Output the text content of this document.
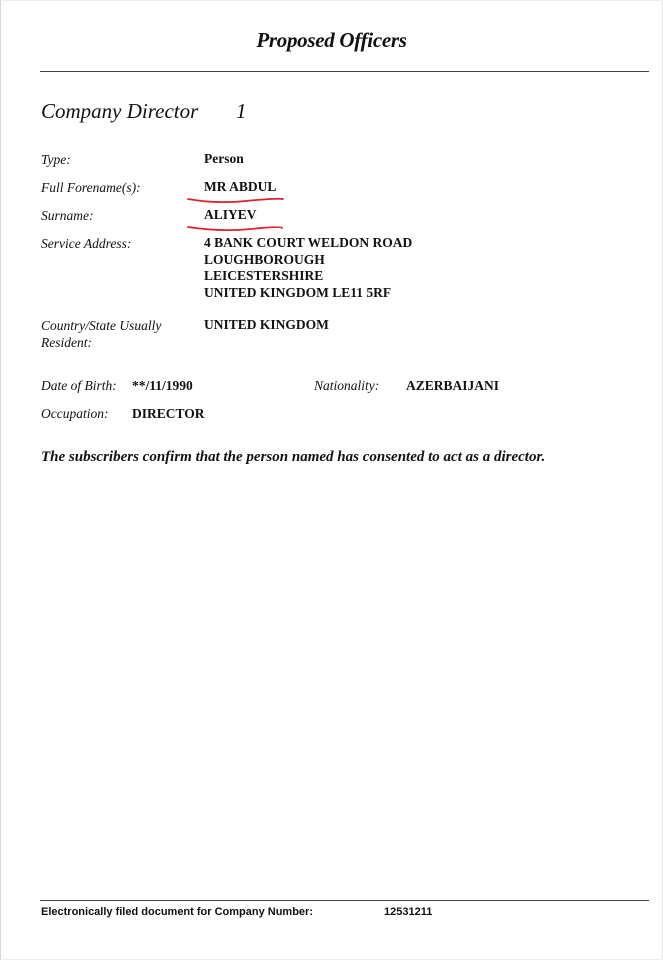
Proposed Officers
Company Director 1
Type:	Person
Full Forename(s):	MR ABDUL
Surname:	ALIYEV
Service Address:	4 BANK COURT WELDON ROAD
LOUGHBOROUGH
LEICESTERSHIRE
UNITED KINGDOM LE11 5RF
Country/State Usually
Resident:
UNITED KINGDOM
Date of Birth: **/11/1990	Nationality: AZERBAIJANI
Occupation: DIRECTOR
The subscribers confirm that the person named has consented to act as a director.
Electronically filed document for Company Number:	12531211
